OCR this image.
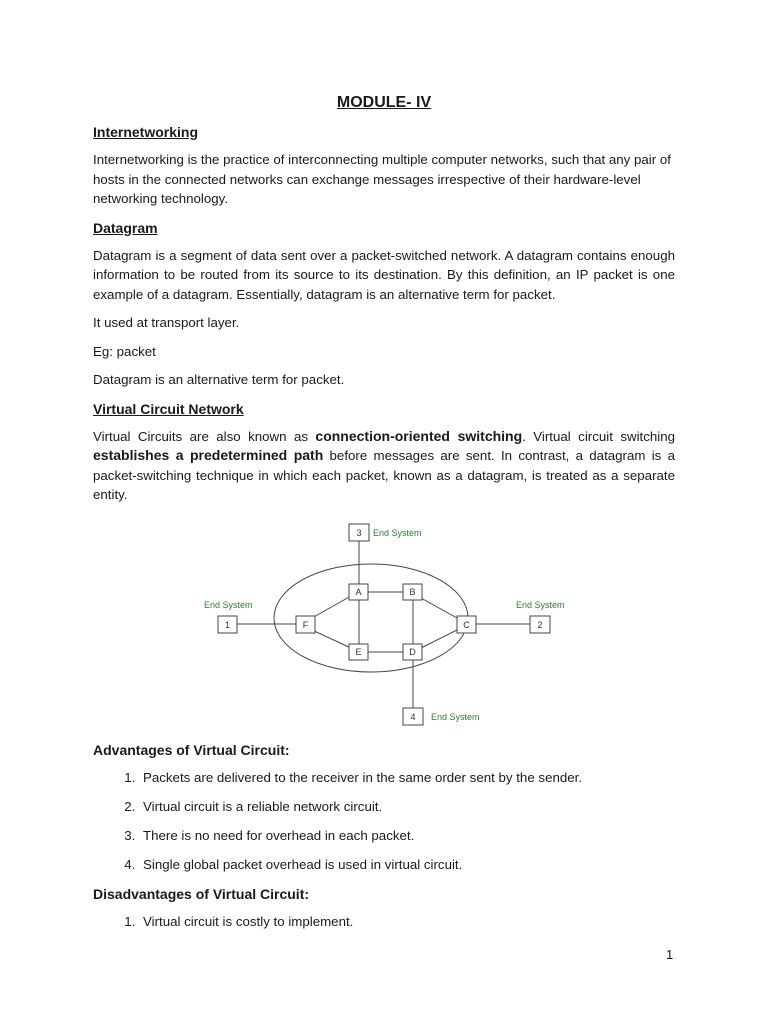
MODULE- IV
Internetworking

Internetworking is the practice of interconnecting multiple computer networks, such that any pair of hosts in the connected networks can exchange messages irrespective of their hardware-level networking technology.

Datagram

Datagram is a segment of data sent over a packet-switched network. A datagram contains enough information to be routed from its source to its destination. By this definition, an IP packet is one example of a datagram. Essentially, datagram is an alternative term for packet.

It used at transport layer.

Eg: packet

Datagram is an alternative term for packet.

Virtual Circuit Network

Virtual Circuits are also known as connection-oriented switching. Virtual circuit switching establishes a predetermined path before messages are sent. In contrast, a datagram is a packet-switching technique in which each packet, known as a datagram, is treated as a separate entity.

3
A	B
1	F	C	2
E	D
4
End System
End System	End System
End System
Advantages of Virtual Circuit:
1. Packets are delivered to the receiver in the same order sent by the sender.
2. Virtual circuit is a reliable network circuit.
3. There is no need for overhead in each packet.
4. Single global packet overhead is used in virtual circuit.
Disadvantages of Virtual Circuit:
1. Virtual circuit is costly to implement.
1
